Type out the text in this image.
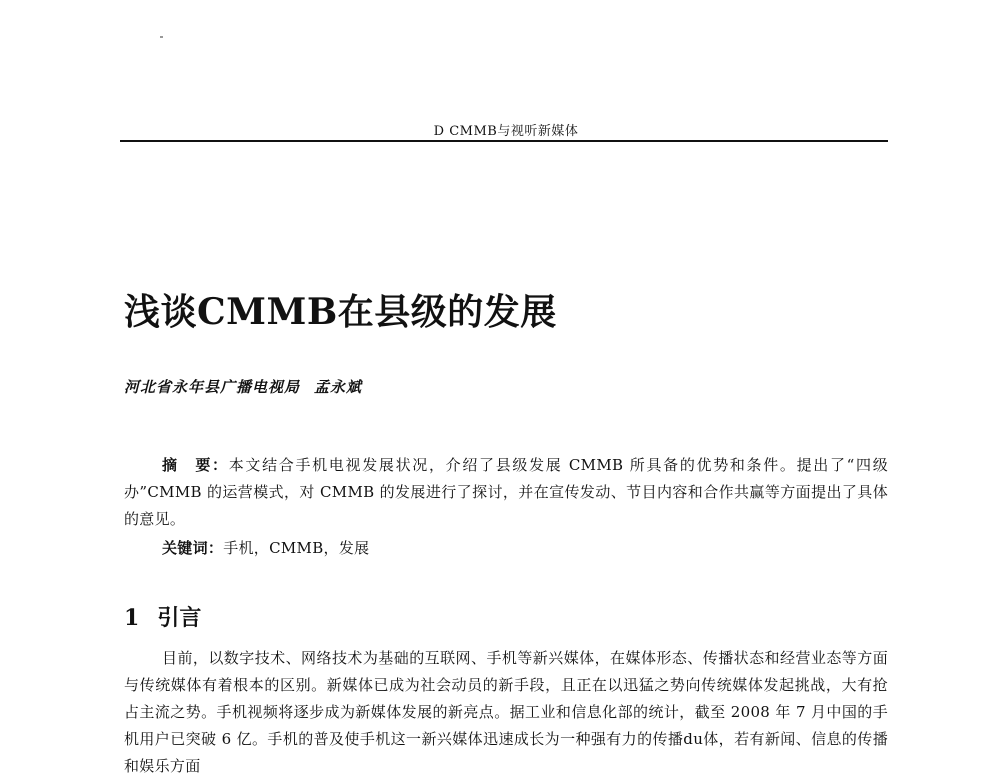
D CMMB与视听新媒体
浅谈CMMB在县级的发展
河北省永年县广播电视局 孟永斌

摘　要：本文结合手机电视发展状况，介绍了县级发展 CMMB 所具备的优势和条件。提出了“四级办”CMMB 的运营模式，对 CMMB 的发展进行了探讨，并在宣传发动、节目内容和合作共赢等方面提出了具体的意见。

关键词：手机，CMMB，发展
1 引言

目前，以数字技术、网络技术为基础的互联网、手机等新兴媒体，在媒体形态、传播状态和经营业态等方面与传统媒体有着根本的区别。新媒体已成为社会动员的新手段，且正在以迅猛之势向传统媒体发起挑战，大有抢占主流之势。手机视频将逐步成为新媒体发展的新亮点。据工业和信息化部的统计，截至 2008 年 7 月中国的手机用户已突破 6 亿。手机的普及使手机这一新兴媒体迅速成长为一种强有力的传播du体，若有新闻、信息的传播和娱乐方面
